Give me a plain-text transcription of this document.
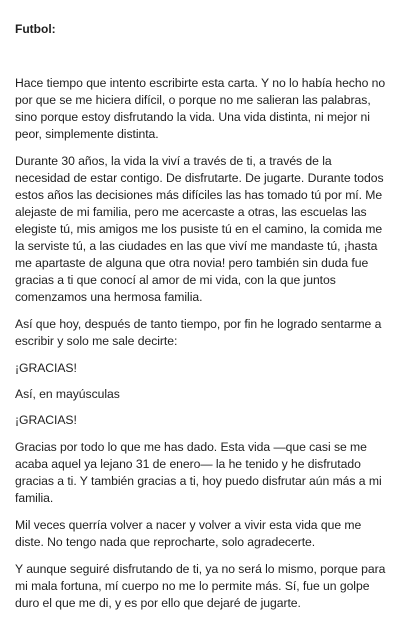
Futbol:
Hace tiempo que intento escribirte esta carta. Y no lo había hecho no por que se me hiciera difícil, o porque no me salieran las palabras, sino porque estoy disfrutando la vida. Una vida distinta, ni mejor ni peor, simplemente distinta.
Durante 30 años, la vida la viví a través de ti, a través de la necesidad de estar contigo. De disfrutarte. De jugarte. Durante todos estos años las decisiones más difíciles las has tomado tú por mí. Me alejaste de mi familia, pero me acercaste a otras, las escuelas las elegiste tú, mis amigos me los pusiste tú en el camino, la comida me la serviste tú, a las ciudades en las que viví me mandaste tú, ¡hasta me apartaste de alguna que otra novia! pero también sin duda fue gracias a ti que conocí al amor de mi vida, con la que juntos comenzamos una hermosa familia.
Así que hoy, después de tanto tiempo, por fin he logrado sentarme a escribir y solo me sale decirte:
¡GRACIAS!
Así, en mayúsculas
¡GRACIAS!
Gracias por todo lo que me has dado. Esta vida —que casi se me acaba aquel ya lejano 31 de enero— la he tenido y he disfrutado gracias a ti. Y también gracias a ti, hoy puedo disfrutar aún más a mi familia.
Mil veces querría volver a nacer y volver a vivir esta vida que me diste. No tengo nada que reprocharte, solo agradecerte.
Y aunque seguiré disfrutando de ti, ya no será lo mismo, porque para mi mala fortuna, mí cuerpo no me lo permite más. Sí, fue un golpe duro el que me di, y es por ello que dejaré de jugarte.
